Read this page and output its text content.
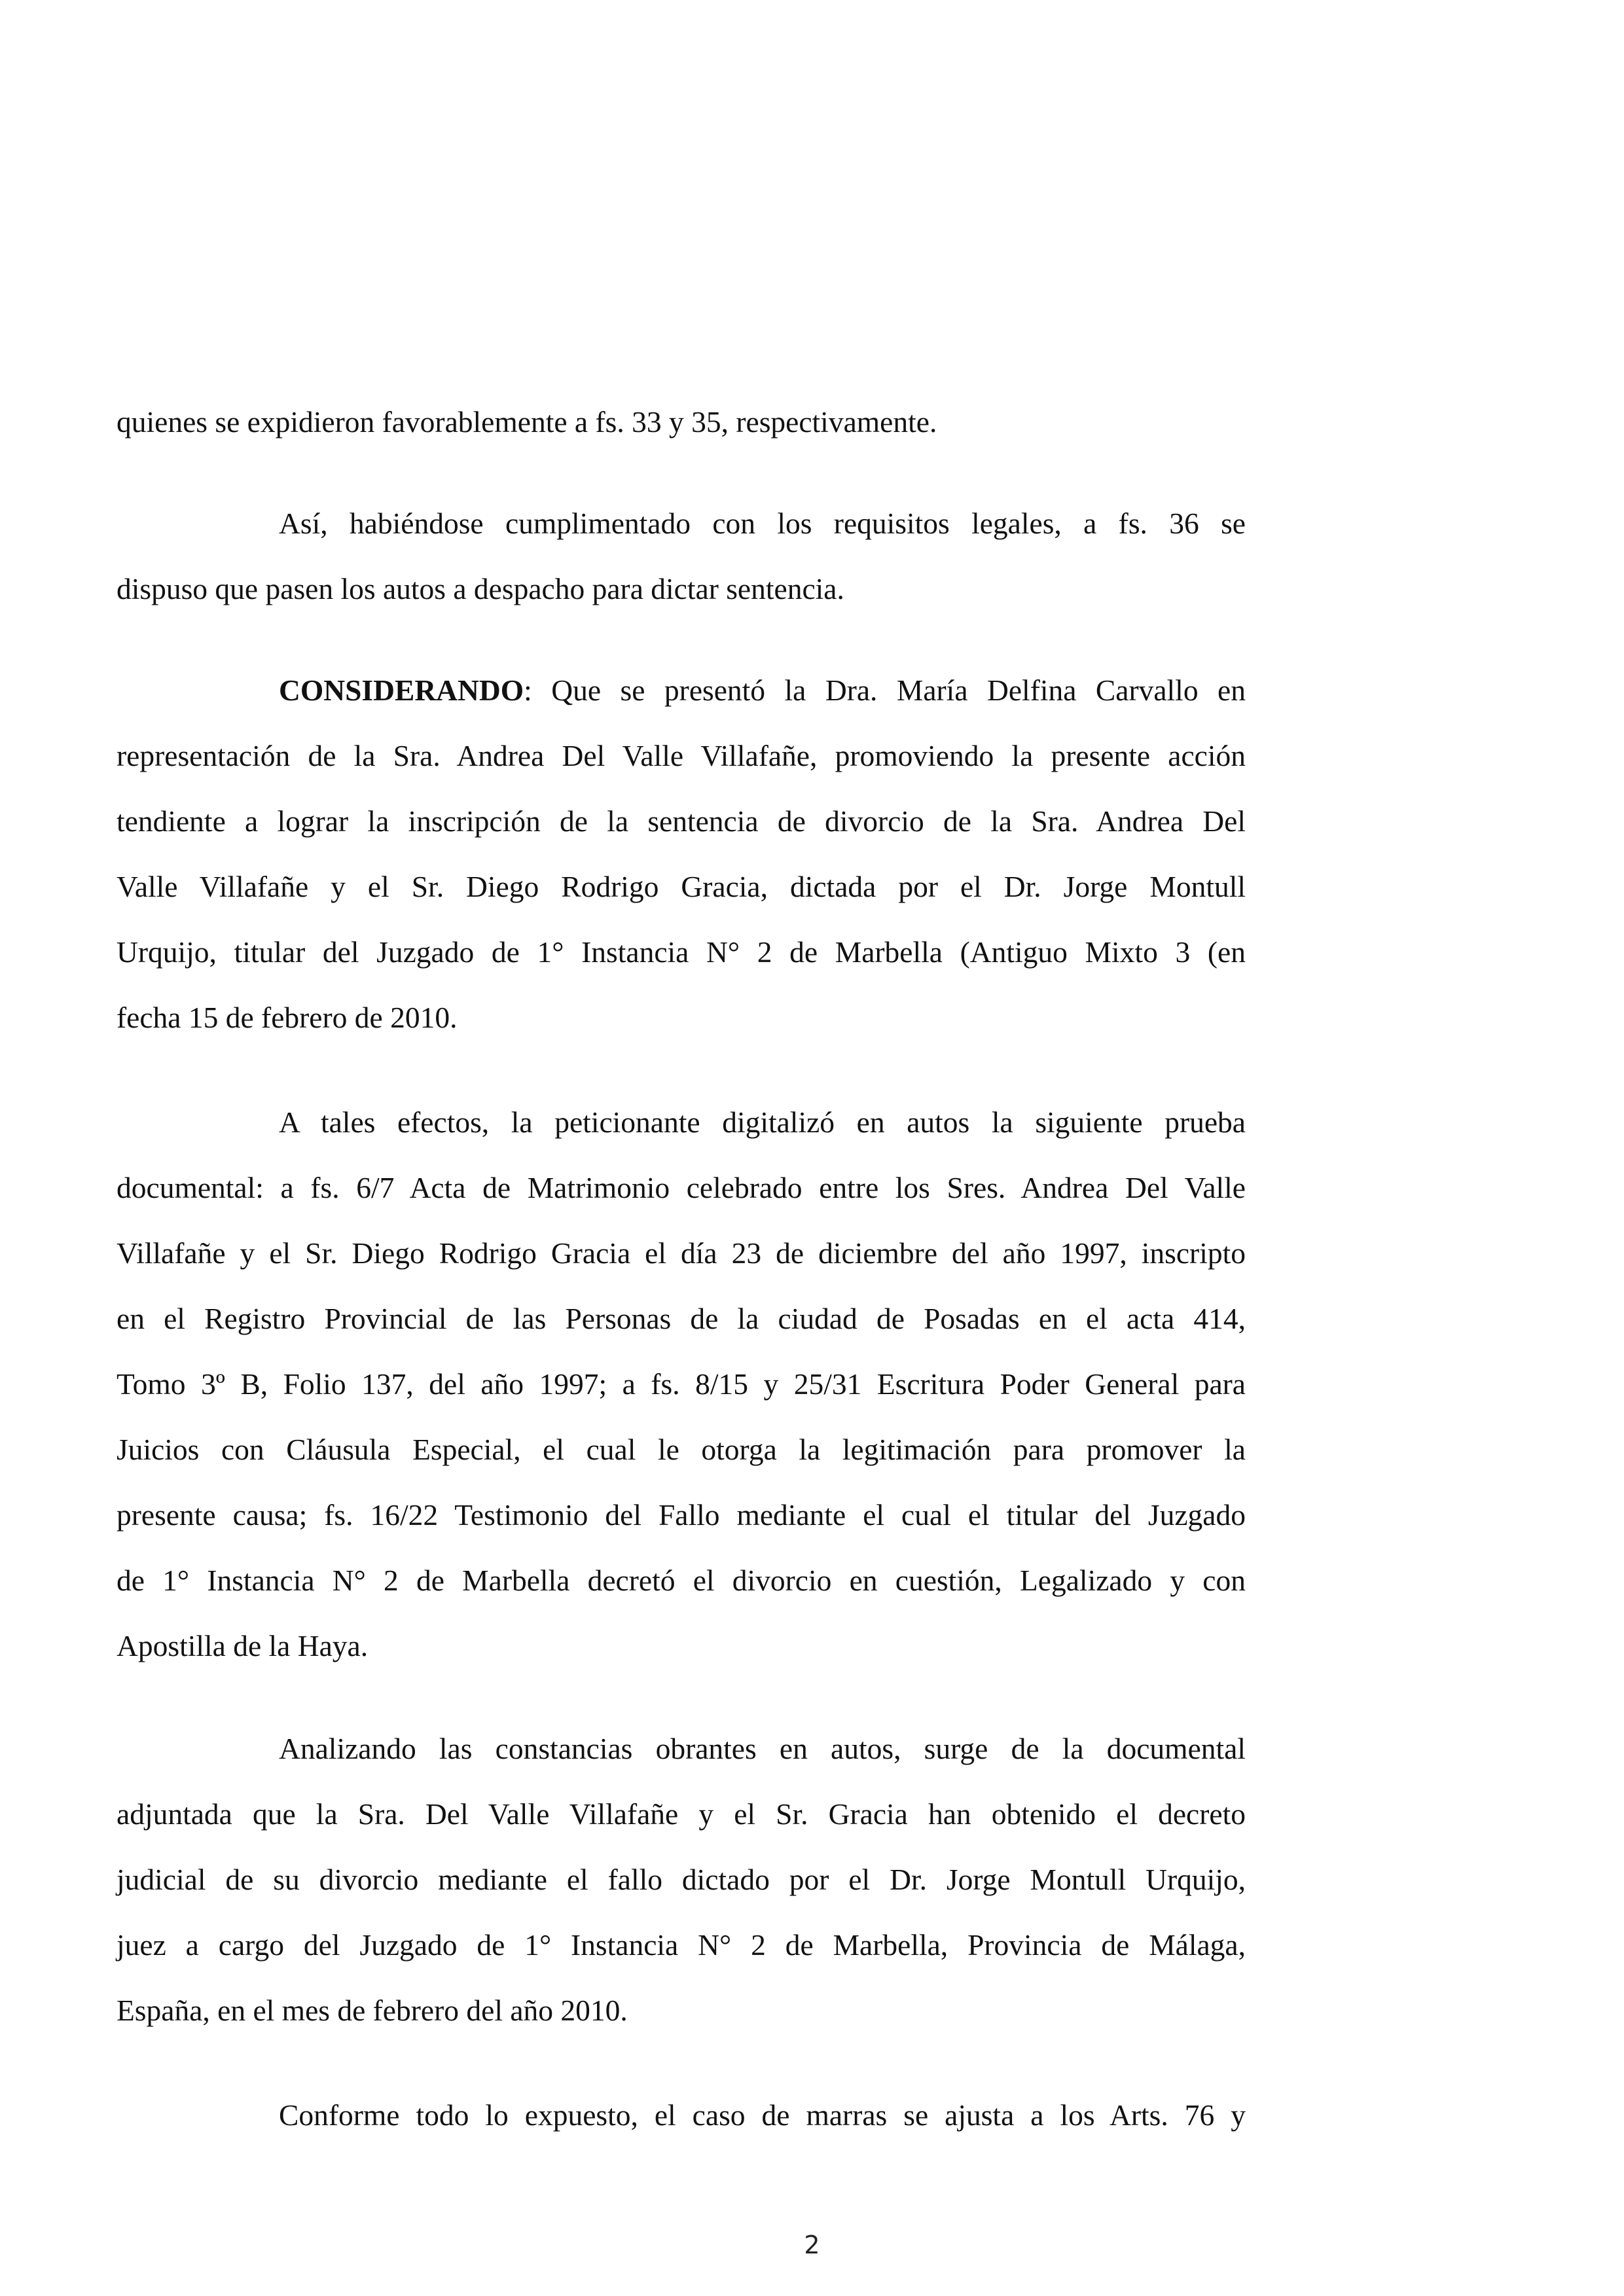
quienes se expidieron favorablemente a fs. 33 y 35, respectivamente.
Así, habiéndose cumplimentado con los requisitos legales, a fs. 36 se
dispuso que pasen los autos a despacho para dictar sentencia.
CONSIDERANDO: Que se presentó la Dra. María Delfina Carvallo en
representación de la Sra. Andrea Del Valle Villafañe, promoviendo la presente acción
tendiente a lograr la inscripción de la sentencia de divorcio de la Sra. Andrea Del
Valle Villafañe y el Sr. Diego Rodrigo Gracia, dictada por el Dr. Jorge Montull
Urquijo, titular del Juzgado de 1° Instancia N° 2 de Marbella (Antiguo Mixto 3 (en
fecha 15 de febrero de 2010.
A tales efectos, la peticionante digitalizó en autos la siguiente prueba
documental: a fs. 6/7 Acta de Matrimonio celebrado entre los Sres. Andrea Del Valle
Villafañe y el Sr. Diego Rodrigo Gracia el día 23 de diciembre del año 1997, inscripto
en el Registro Provincial de las Personas de la ciudad de Posadas en el acta 414,
Tomo 3º B, Folio 137, del año 1997; a fs. 8/15 y 25/31 Escritura Poder General para
Juicios con Cláusula Especial, el cual le otorga la legitimación para promover la
presente causa; fs. 16/22 Testimonio del Fallo mediante el cual el titular del Juzgado
de 1° Instancia N° 2 de Marbella decretó el divorcio en cuestión, Legalizado y con
Apostilla de la Haya.
Analizando las constancias obrantes en autos, surge de la documental
adjuntada que la Sra. Del Valle Villafañe y el Sr. Gracia han obtenido el decreto
judicial de su divorcio mediante el fallo dictado por el Dr. Jorge Montull Urquijo,
juez a cargo del Juzgado de 1° Instancia N° 2 de Marbella, Provincia de Málaga,
España, en el mes de febrero del año 2010.
Conforme todo lo expuesto, el caso de marras se ajusta a los Arts. 76 y
2
